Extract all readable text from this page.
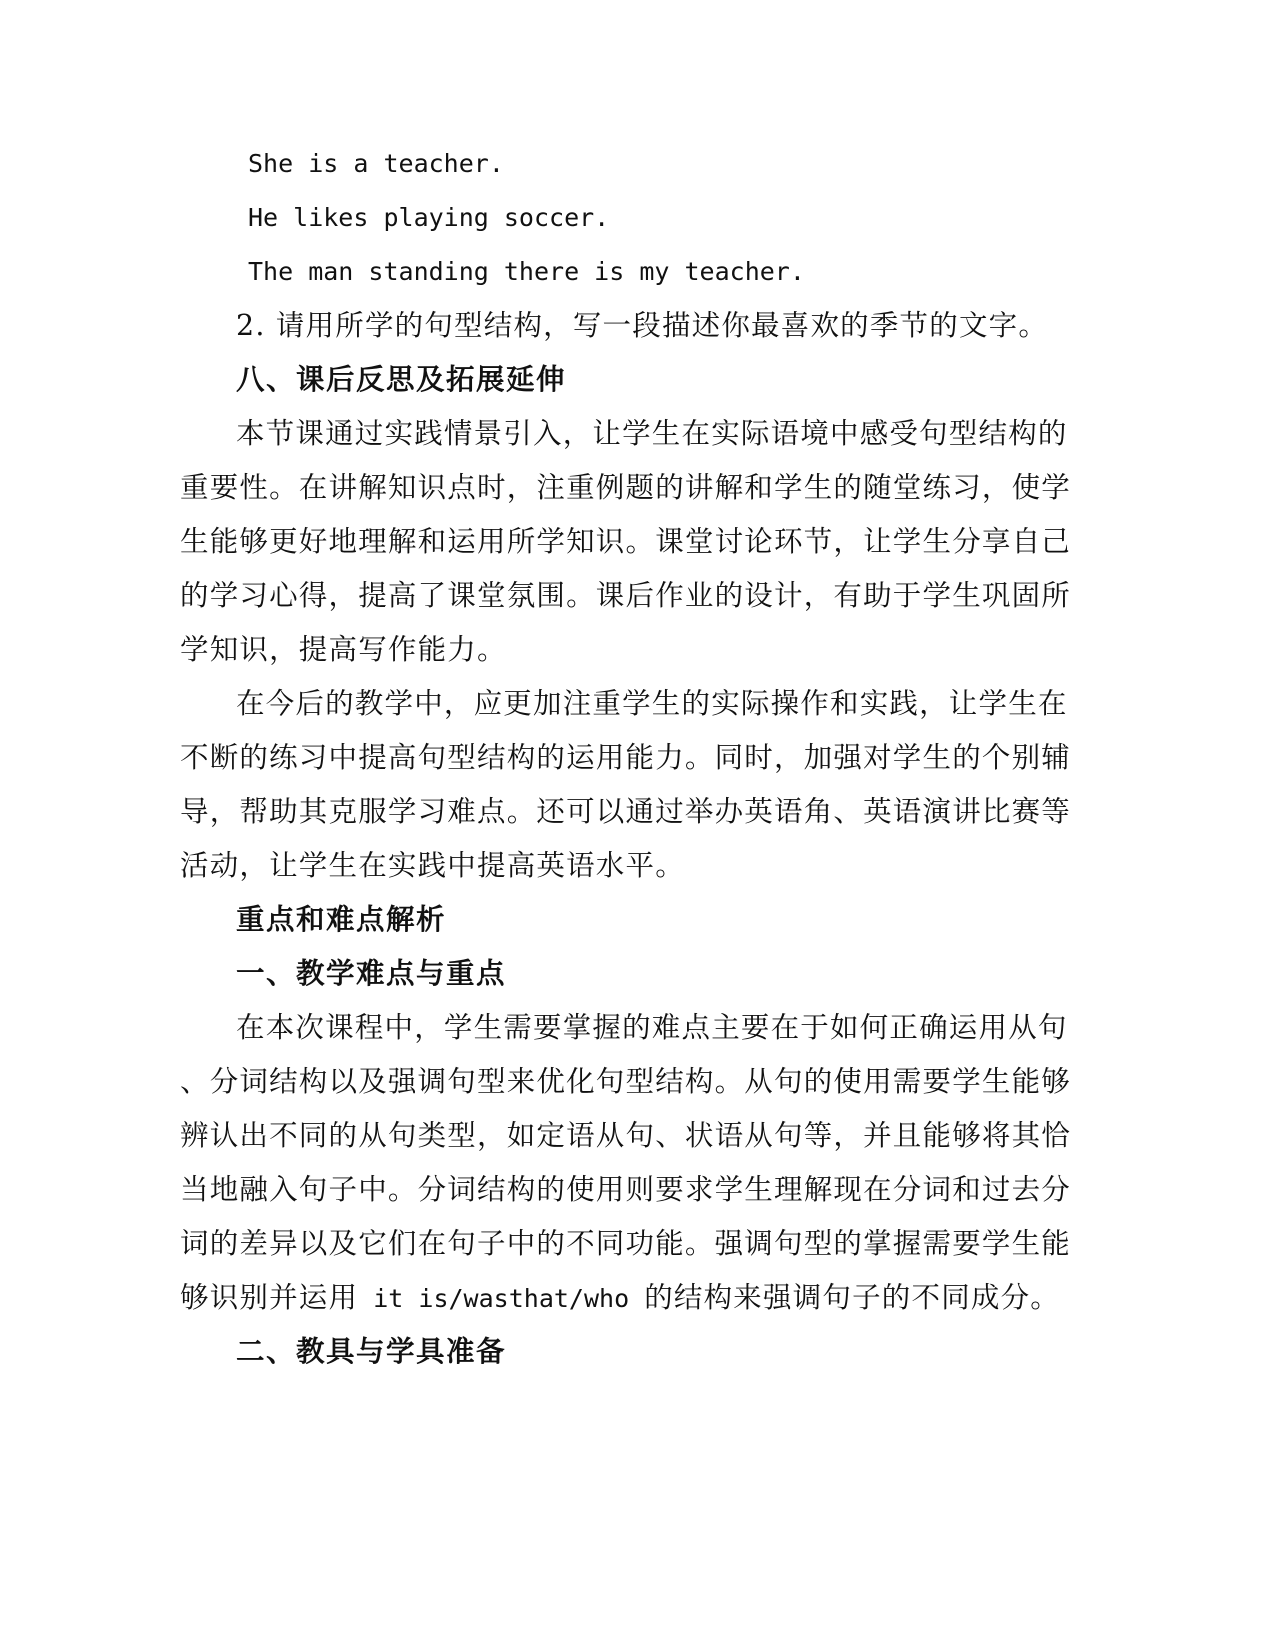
She is a teacher.
He likes playing soccer.
The man standing there is my teacher.
2. 请用所学的句型结构，写一段描述你最喜欢的季节的文字。
八、课后反思及拓展延伸
本节课通过实践情景引入，让学生在实际语境中感受句型结构的
重要性。在讲解知识点时，注重例题的讲解和学生的随堂练习，使学
生能够更好地理解和运用所学知识。课堂讨论环节，让学生分享自己
的学习心得，提高了课堂氛围。课后作业的设计，有助于学生巩固所
学知识，提高写作能力。
在今后的教学中，应更加注重学生的实际操作和实践，让学生在
不断的练习中提高句型结构的运用能力。同时，加强对学生的个别辅
导，帮助其克服学习难点。还可以通过举办英语角、英语演讲比赛等
活动，让学生在实践中提高英语水平。
重点和难点解析
一、教学难点与重点
在本次课程中，学生需要掌握的难点主要在于如何正确运用从句
、分词结构以及强调句型来优化句型结构。从句的使用需要学生能够
辨认出不同的从句类型，如定语从句、状语从句等，并且能够将其恰
当地融入句子中。分词结构的使用则要求学生理解现在分词和过去分
词的差异以及它们在句子中的不同功能。强调句型的掌握需要学生能
够识别并运用 it is/wasthat/who 的结构来强调句子的不同成分。
二、教具与学具准备
